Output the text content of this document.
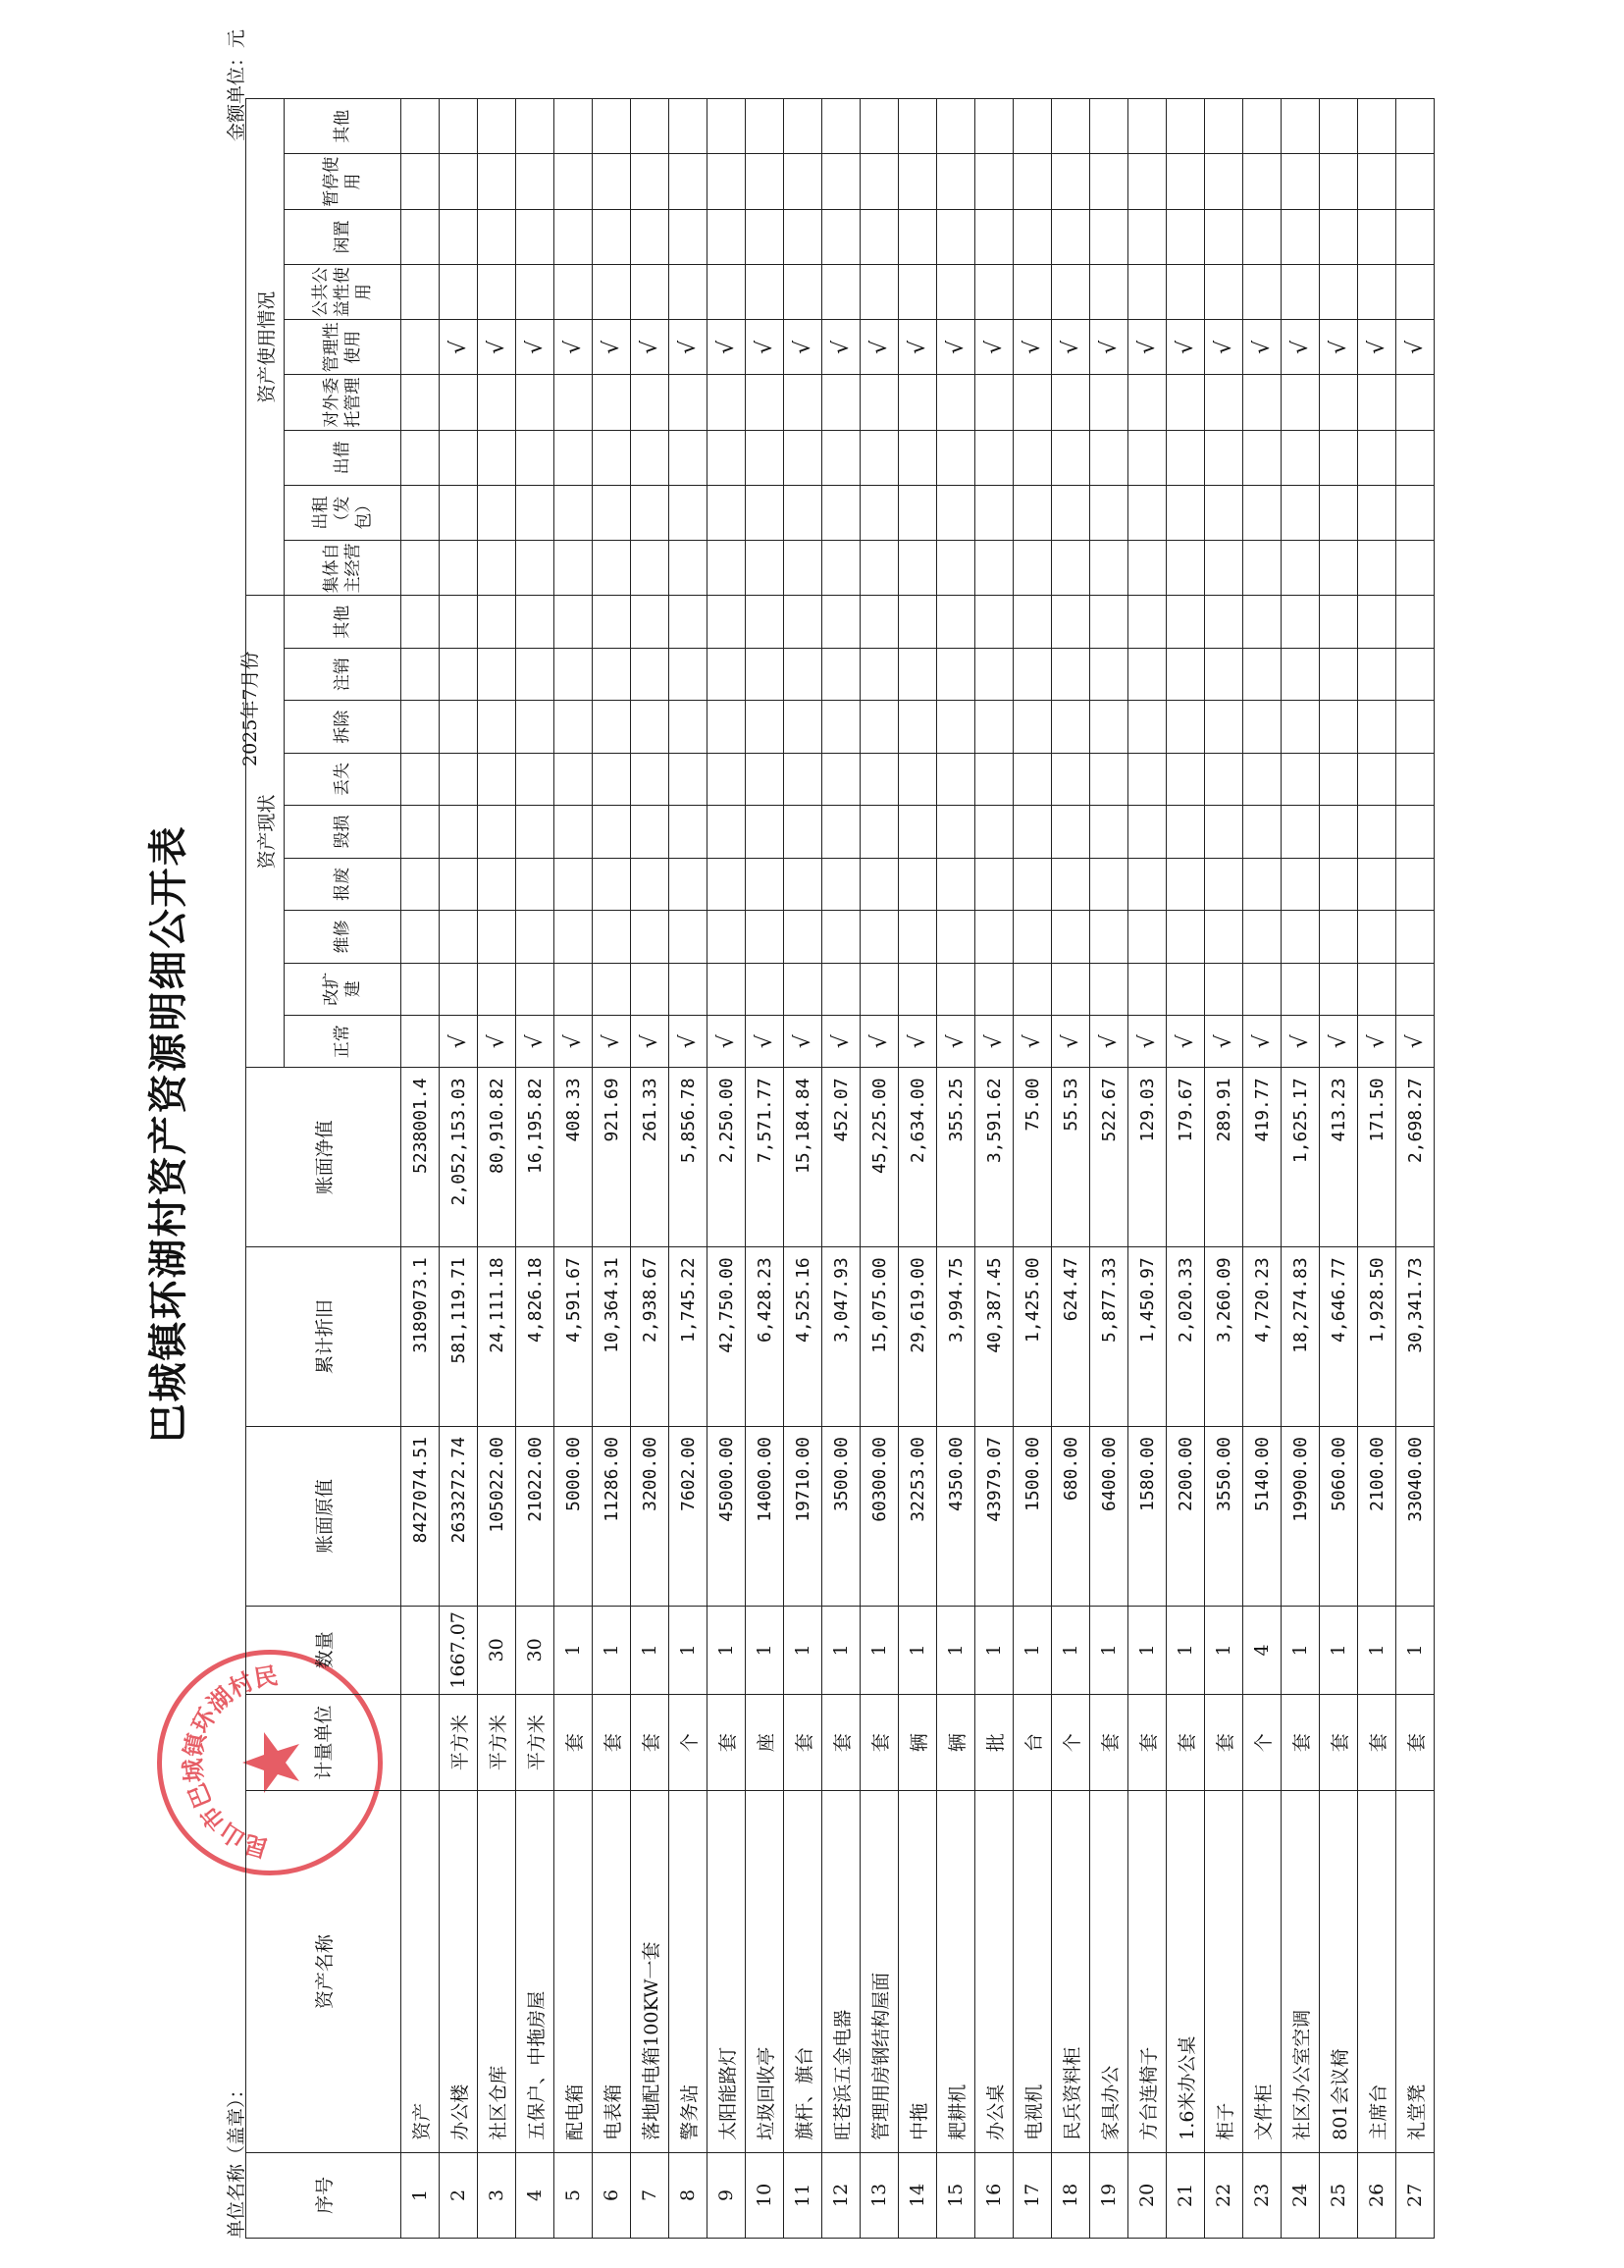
巴城镇环湖村资产资源明细公开表
2025年7月份
单位名称（盖章）：
金额单位：元
昆山市巴城镇环湖村民
序号	资产名称	计量单位	数量	账面原值	累计折旧	账面净值	资产现状									资产使用情况								
							正常	改扩建	维修	报废	毁损	丢失	拆除	注销	其他	集体自主经营	出租（发包）	出借	对外委托管理	管理性使用	公共公益性使用	闲置	暂停使用	其他
1	资产			8427074.51	3189073.1	5238001.4																		
2	办公楼	平方米	1667.07	2633272.74	581,119.71	2,052,153.03	√													√				
3	社区仓库	平方米	30	105022.00	24,111.18	80,910.82	√													√				
4	五保户、中拖房屋	平方米	30	21022.00	4,826.18	16,195.82	√													√				
5	配电箱	套	1	5000.00	4,591.67	408.33	√													√				
6	电表箱	套	1	11286.00	10,364.31	921.69	√													√				
7	落地配电箱100KW一套	套	1	3200.00	2,938.67	261.33	√													√				
8	警务站	个	1	7602.00	1,745.22	5,856.78	√													√				
9	太阳能路灯	套	1	45000.00	42,750.00	2,250.00	√													√				
10	垃圾回收亭	座	1	14000.00	6,428.23	7,571.77	√													√				
11	旗杆、旗台	套	1	19710.00	4,525.16	15,184.84	√													√				
12	旺苍浜五金电器	套	1	3500.00	3,047.93	452.07	√													√				
13	管理用房钢结构屋面	套	1	60300.00	15,075.00	45,225.00	√													√				
14	中拖	辆	1	32253.00	29,619.00	2,634.00	√													√				
15	耙耕机	辆	1	4350.00	3,994.75	355.25	√													√				
16	办公桌	批	1	43979.07	40,387.45	3,591.62	√													√				
17	电视机	台	1	1500.00	1,425.00	75.00	√													√				
18	民兵资料柜	个	1	680.00	624.47	55.53	√													√				
19	家具办公	套	1	6400.00	5,877.33	522.67	√													√				
20	方台连椅子	套	1	1580.00	1,450.97	129.03	√													√				
21	1.6米办公桌	套	1	2200.00	2,020.33	179.67	√													√				
22	柜子	套	1	3550.00	3,260.09	289.91	√													√				
23	文件柜	个	4	5140.00	4,720.23	419.77	√													√				
24	社区办公室空调	套	1	19900.00	18,274.83	1,625.17	√													√				
25	801会议椅	套	1	5060.00	4,646.77	413.23	√													√				
26	主席台	套	1	2100.00	1,928.50	171.50	√													√				
27	礼堂凳	套	1	33040.00	30,341.73	2,698.27	√													√				
